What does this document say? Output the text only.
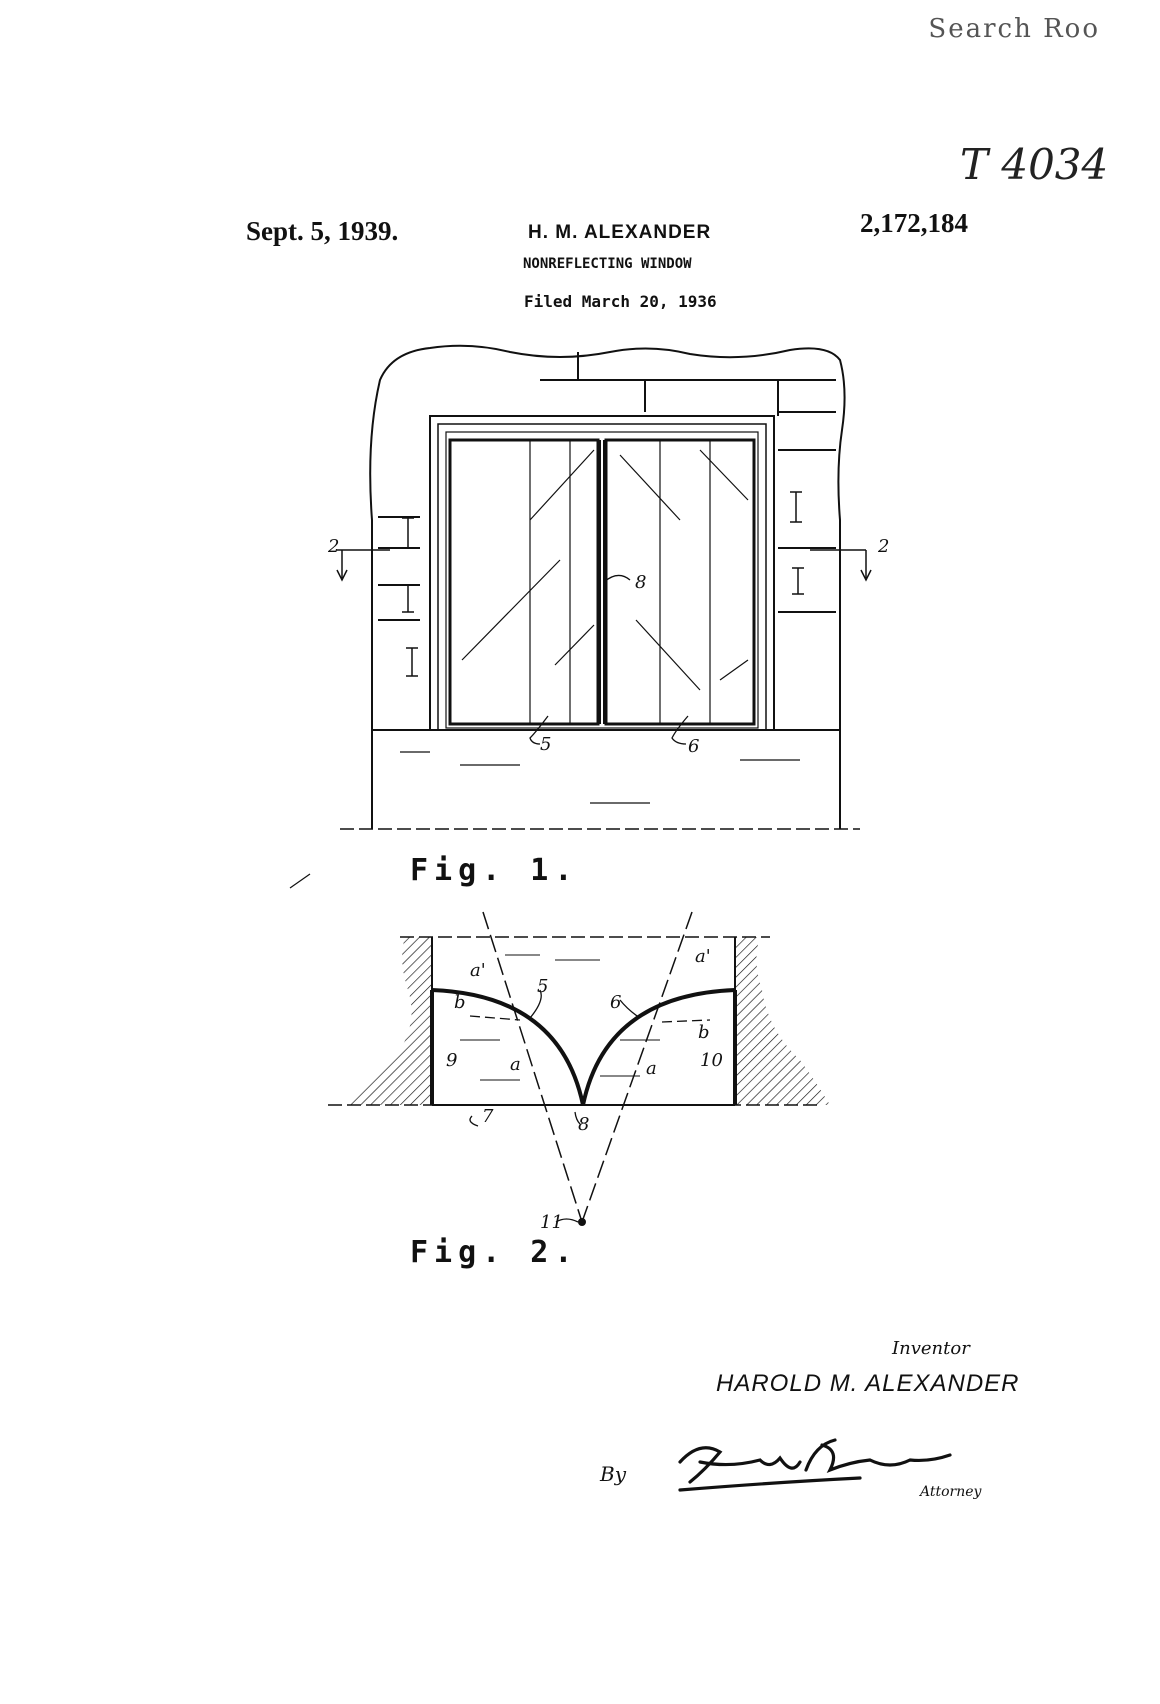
Search Roo
T 4034
Sept. 5, 1939.	H. M. ALEXANDER	2,172,184
NONREFLECTING WINDOW
Filed March 20, 1936
2	2
8
5	6
Fig. 1.
a'
a'
b
b
a	a
5
6
8
9	10
7
11
Fig. 2.
Inventor
HAROLD M. ALEXANDER
By
Attorney
